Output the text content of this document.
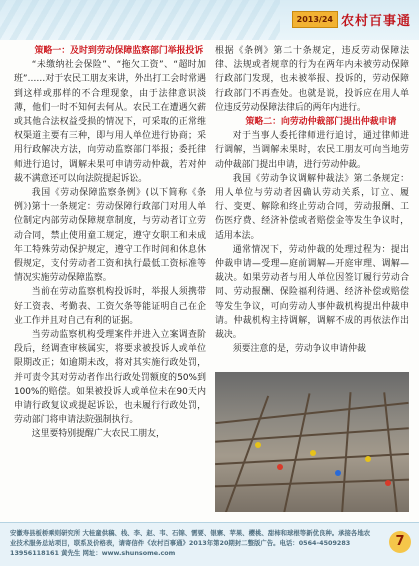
2013/24 农村百事通

策略一：及时到劳动保障监察部门举报投诉

“未缴纳社会保险”、“拖欠工资”、“超时加班”……对于农民工朋友来讲，外出打工会时常遇到这样或那样的不合理现象，由于法律意识淡薄，他们一时不知何去何从。农民工在遭遇欠薪或其他合法权益受损的情况下，可采取的正常维权渠道主要有三种，即与用人单位进行协商；采用行政解决方法，向劳动监察部门举报；委托律师进行追讨，调解未果可申请劳动仲裁，若对仲裁不满意还可以向法院提起诉讼。

我国《劳动保障监察条例》(以下简称《条例》)第十一条规定：劳动保障行政部门对用人单位制定内部劳动保障规章制度，与劳动者订立劳动合同，禁止使用童工规定，遵守女职工和未成年工特殊劳动保护规定，遵守工作时间和休息休假规定，支付劳动者工资和执行最低工资标准等情况实施劳动保障监察。

当前在劳动监察机构投诉时，举报人须携带好工资表、考勤表、工资欠条等能证明自己在企业工作并且对自己有利的证据。

当劳动监察机构受理案件并进入立案调查阶段后，经调查审核属实，将要求被投诉人或单位限期改正；如逾期未改，将对其实施行政处罚，并可责令其对劳动者作出行政处罚额度的50%到100%的赔偿。如果被投诉人或单位未在90天内申请行政复议或提起诉讼，也未履行行政处罚，劳动部门将申请法院强制执行。

这里要特别提醒广大农民工朋友，

根据《条例》第二十条规定，违反劳动保障法律、法规或者规章的行为在两年内未被劳动保障行政部门发现，也未被举报、投诉的，劳动保障行政部门不再查处。也就是说，投诉应在用人单位违反劳动保障法律后的两年内进行。

策略二：向劳动仲裁部门提出仲裁申请

对于当事人委托律师进行追讨，通过律师进行调解，当调解未果时，农民工朋友可向当地劳动仲裁部门提出申请，进行劳动仲裁。

我国《劳动争议调解仲裁法》第二条规定：用人单位与劳动者因确认劳动关系，订立、履行、变更、解除和终止劳动合同，劳动报酬、工伤医疗费、经济补偿或者赔偿金等发生争议时，适用本法。

通常情况下，劳动仲裁的处理过程为：提出仲裁申请—受理—庭前调解—开庭审理、调解—裁决。如果劳动者与用人单位因签订履行劳动合同、劳动报酬、保险福利待遇、经济补偿或赔偿等发生争议，可向劳动人事仲裁机构提出仲裁申请。仲裁机构主持调解，调解不成的再依法作出裁决。

须要注意的是，劳动争议申请仲裁

安徽寿县板桥乘则研究所 大桂童供稿、栈、李、赵、韦、石锦、需要、银寨、苹果、樱桃、甜柿和球根等新优良种。承接各地农业技术服务总站项目，联系及价格表，请寄信件《农村百事通》2013年第20期封二整版广告。电话：0564-4509283 13956118161 黄先生 网址：www.shunsome.com
7
